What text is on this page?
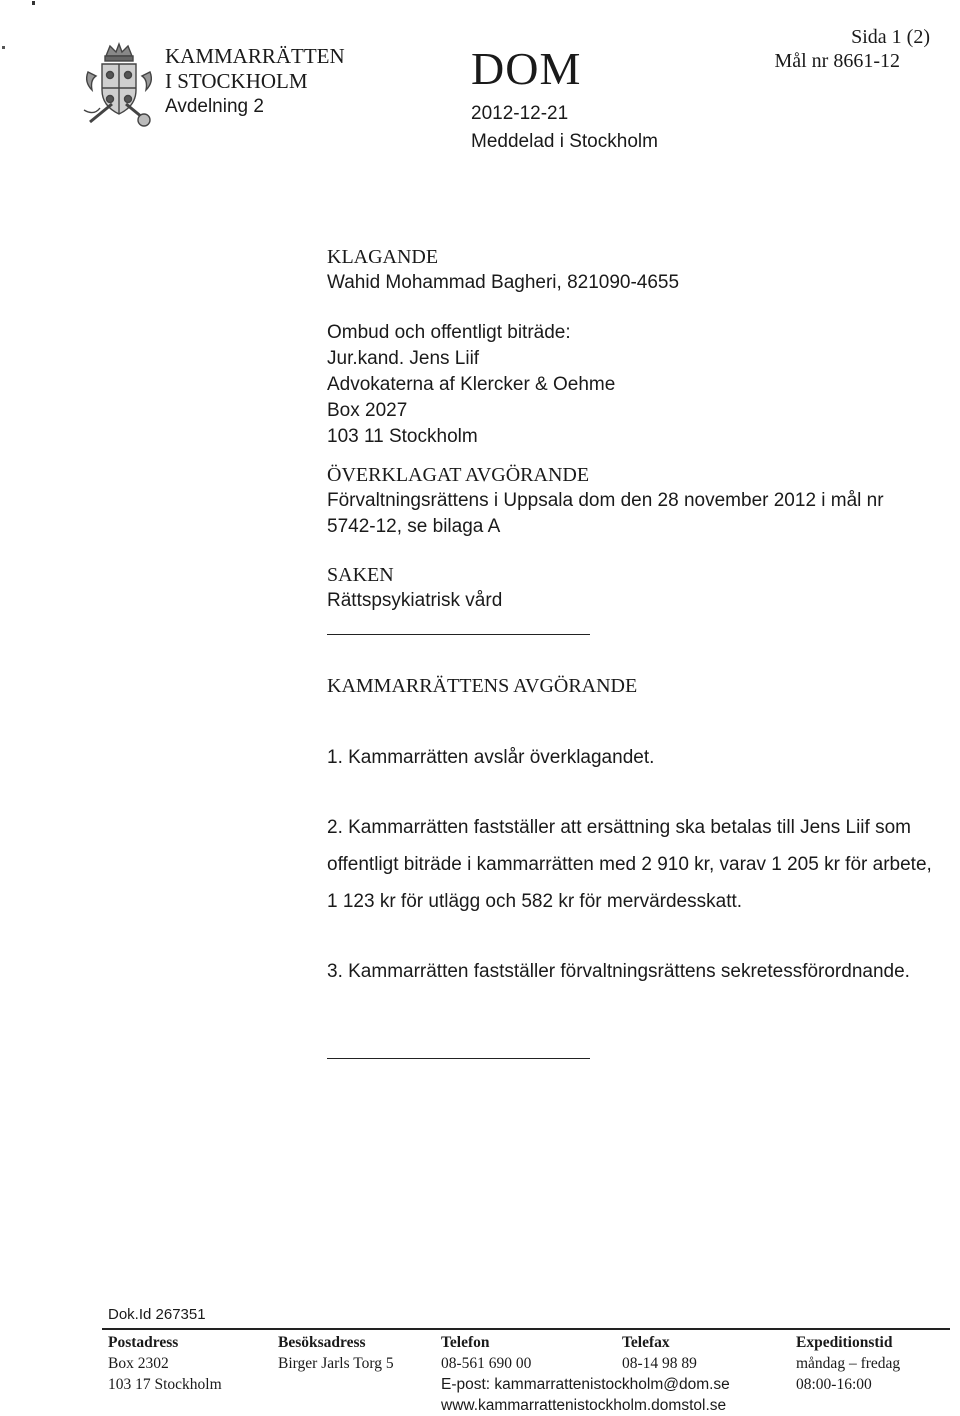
KAMMARRÄTTEN
I STOCKHOLM
Avdelning 2
DOM
2012-12-21
Meddelad i Stockholm
Sida 1 (2)
Mål nr 8661-12
KLAGANDE
Wahid Mohammad Bagheri, 821090-4655
Ombud och offentligt biträde:
Jur.kand. Jens Liif
Advokaterna af Klercker & Oehme
Box 2027
103 11 Stockholm
ÖVERKLAGAT AVGÖRANDE
Förvaltningsrättens i Uppsala dom den 28 november 2012 i mål nr
5742-12, se bilaga A
SAKEN
Rättspsykiatrisk vård
KAMMARRÄTTENS AVGÖRANDE
1. Kammarrätten avslår överklagandet.
2. Kammarrätten fastställer att ersättning ska betalas till Jens Liif som
offentligt biträde i kammarrätten med 2 910 kr, varav 1 205 kr för arbete,
1 123 kr för utlägg och 582 kr för mervärdesskatt.
3. Kammarrätten fastställer förvaltningsrättens sekretessförordnande.
Dok.Id 267351
Postadress
Box 2302
103 17 Stockholm
Besöksadress
Birger Jarls Torg 5
Telefon
08-561 690 00
E-post: kammarrattenistockholm@dom.se
www.kammarrattenistockholm.domstol.se
Telefax
08-14 98 89
Expeditionstid
måndag – fredag
08:00-16:00
